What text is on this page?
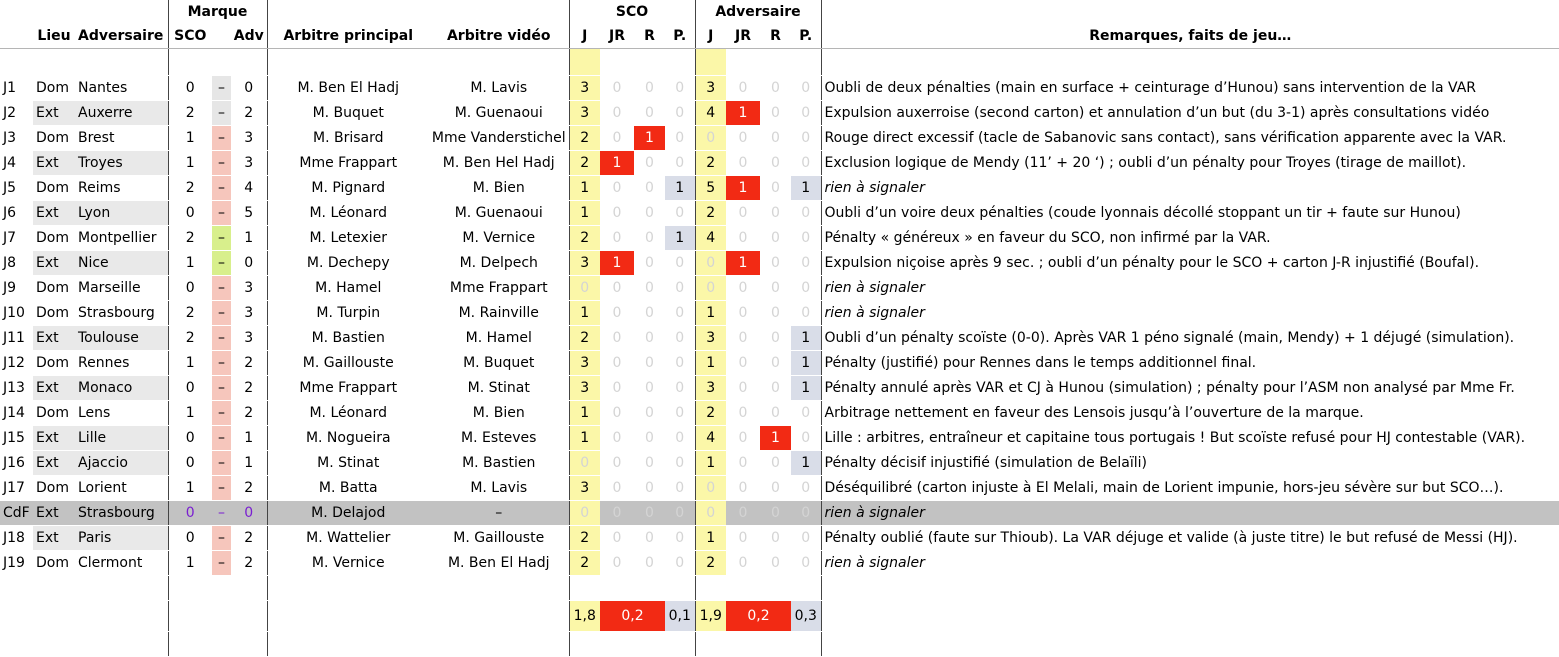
			Marque					SCO				Adversaire				
	Lieu	Adversaire	SCO		Adv	Arbitre principal	Arbitre vidéo	J	JR	R	P.	J	JR	R	P.	Remarques, faits de jeu…

J1	Dom	Nantes	0	–	0	M. Ben El Hadj	M. Lavis	3	0	0	0	3	0	0	0	Oubli de deux pénalties (main en surface + ceinturage d’Hunou) sans intervention de la VAR
J2	Ext	Auxerre	2	–	2	M. Buquet	M. Guenaoui	3	0	0	0	4	1	0	0	Expulsion auxerroise (second carton) et annulation d’un but (du 3-1) après consultations vidéo
J3	Dom	Brest	1	–	3	M. Brisard	Mme Vanderstichel	2	0	1	0	0	0	0	0	Rouge direct excessif (tacle de Sabanovic sans contact), sans vérification apparente avec la VAR.
J4	Ext	Troyes	1	–	3	Mme Frappart	M. Ben Hel Hadj	2	1	0	0	2	0	0	0	Exclusion logique de Mendy (11’ + 20 ‘) ; oubli d’un pénalty pour Troyes (tirage de maillot).
J5	Dom	Reims	2	–	4	M. Pignard	M. Bien	1	0	0	1	5	1	0	1	rien à signaler
J6	Ext	Lyon	0	–	5	M. Léonard	M. Guenaoui	1	0	0	0	2	0	0	0	Oubli d’un voire deux pénalties (coude lyonnais décollé stoppant un tir + faute sur Hunou)
J7	Dom	Montpellier	2	–	1	M. Letexier	M. Vernice	2	0	0	1	4	0	0	0	Pénalty « généreux » en faveur du SCO, non infirmé par la VAR.
J8	Ext	Nice	1	–	0	M. Dechepy	M. Delpech	3	1	0	0	0	1	0	0	Expulsion niçoise après 9 sec. ; oubli d’un pénalty pour le SCO + carton J-R injustifié (Boufal).
J9	Dom	Marseille	0	–	3	M. Hamel	Mme Frappart	0	0	0	0	0	0	0	0	rien à signaler
J10	Dom	Strasbourg	2	–	3	M. Turpin	M. Rainville	1	0	0	0	1	0	0	0	rien à signaler
J11	Ext	Toulouse	2	–	3	M. Bastien	M. Hamel	2	0	0	0	3	0	0	1	Oubli d’un pénalty scoïste (0-0). Après VAR 1 péno signalé (main, Mendy) + 1 déjugé (simulation).
J12	Dom	Rennes	1	–	2	M. Gaillouste	M. Buquet	3	0	0	0	1	0	0	1	Pénalty (justifié) pour Rennes dans le temps additionnel final.
J13	Ext	Monaco	0	–	2	Mme Frappart	M. Stinat	3	0	0	0	3	0	0	1	Pénalty annulé après VAR et CJ à Hunou (simulation) ; pénalty pour l’ASM non analysé par Mme Fr.
J14	Dom	Lens	1	–	2	M. Léonard	M. Bien	1	0	0	0	2	0	0	0	Arbitrage nettement en faveur des Lensois jusqu’à l’ouverture de la marque.
J15	Ext	Lille	0	–	1	M. Nogueira	M. Esteves	1	0	0	0	4	0	1	0	Lille : arbitres, entraîneur et capitaine tous portugais ! But scoïste refusé pour HJ contestable (VAR).
J16	Ext	Ajaccio	0	–	1	M. Stinat	M. Bastien	0	0	0	0	1	0	0	1	Pénalty décisif injustifié (simulation de Belaïli)
J17	Dom	Lorient	1	–	2	M. Batta	M. Lavis	3	0	0	0	0	0	0	0	Déséquilibré (carton injuste à El Melali, main de Lorient impunie, hors-jeu sévère sur but SCO…).
CdF	Ext	Strasbourg	0	–	0	M. Delajod	–	0	0	0	0	0	0	0	0	rien à signaler
J18	Ext	Paris	0	–	2	M. Wattelier	M. Gaillouste	2	0	0	0	1	0	0	0	Pénalty oublié (faute sur Thioub). La VAR déjuge et valide (à juste titre) le but refusé de Messi (HJ).
J19	Dom	Clermont	1	–	2	M. Vernice	M. Ben El Hadj	2	0	0	0	2	0	0	0	rien à signaler

								1,8	0,2		0,1	1,9	0,2		0,3	
